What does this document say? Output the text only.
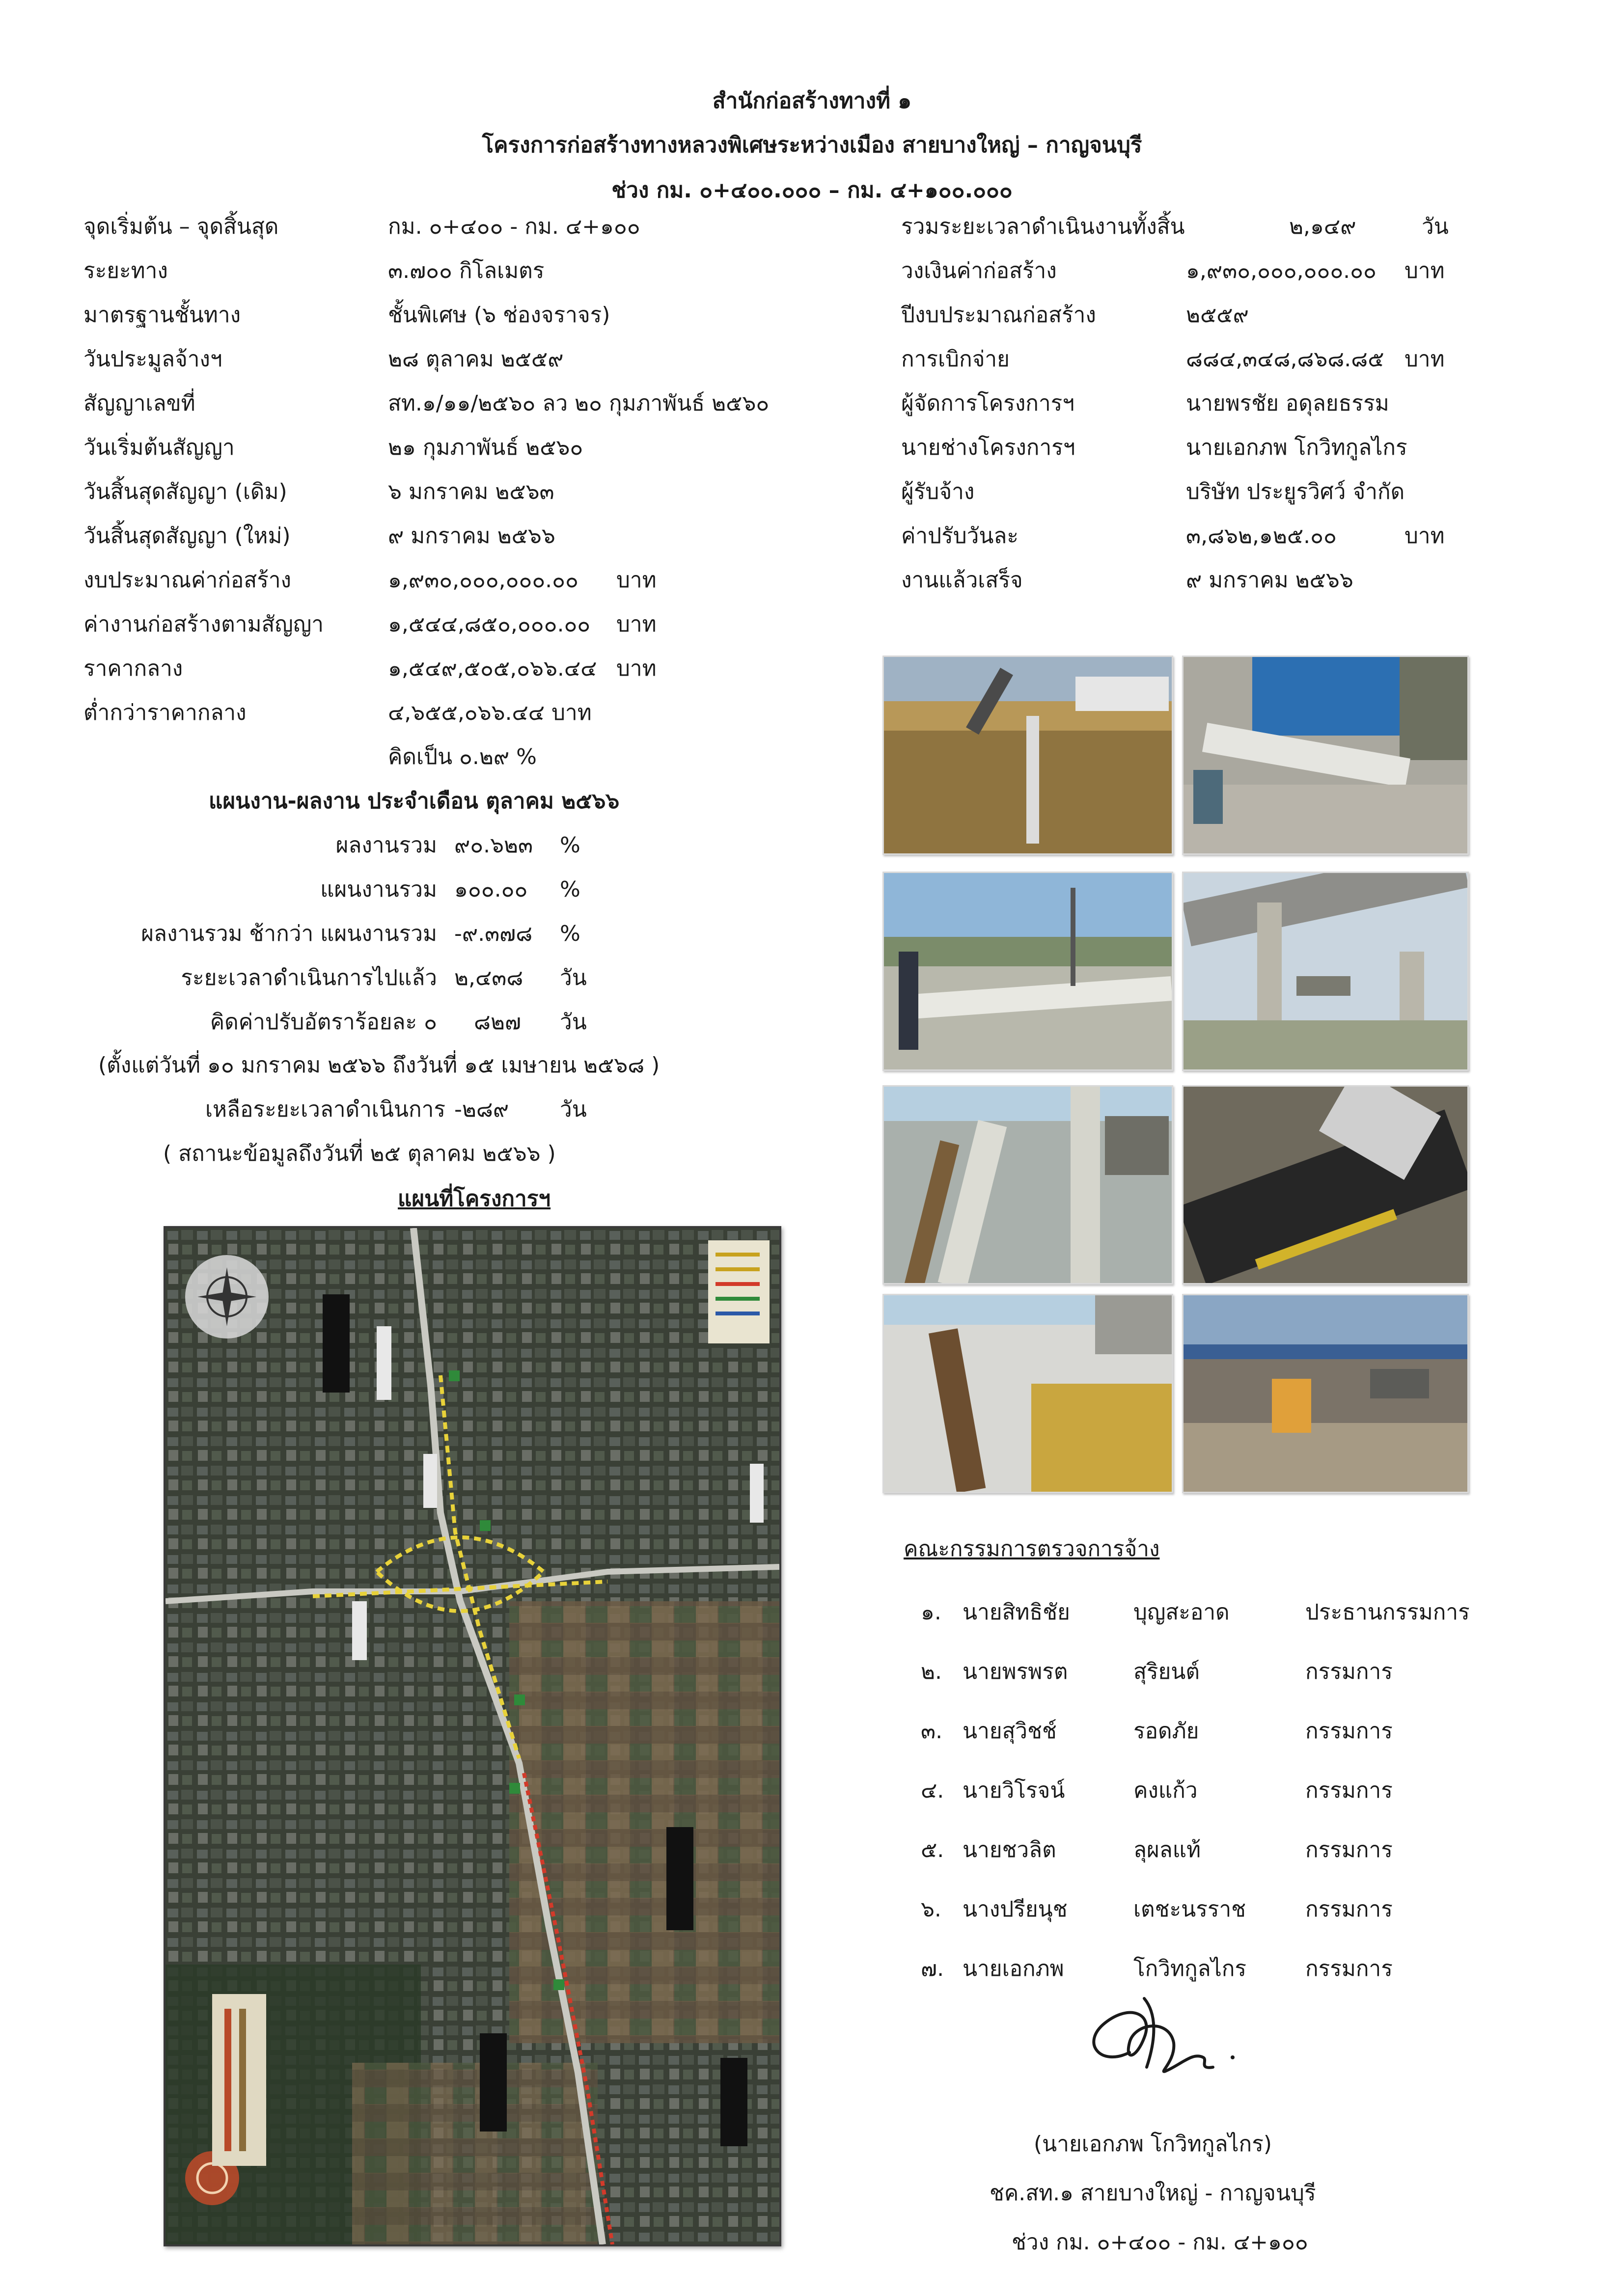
สำนักก่อสร้างทางที่ ๑
โครงการก่อสร้างทางหลวงพิเศษระหว่างเมือง สายบางใหญ่ – กาญจนบุรี
ช่วง กม. ๐+๔๐๐.๐๐๐ – กม. ๔+๑๐๐.๐๐๐
จุดเริ่มต้น – จุดสิ้นสุด	กม. ๐+๔๐๐ - กม. ๔+๑๐๐
ระยะทาง	๓.๗๐๐ กิโลเมตร
มาตรฐานชั้นทาง	ชั้นพิเศษ (๖ ช่องจราจร)
วันประมูลจ้างฯ	๒๘ ตุลาคม ๒๕๕๙
สัญญาเลขที่	สท.๑/๑๑/๒๕๖๐ ลว ๒๐ กุมภาพันธ์ ๒๕๖๐
วันเริ่มต้นสัญญา	๒๑ กุมภาพันธ์ ๒๕๖๐
วันสิ้นสุดสัญญา (เดิม)	๖ มกราคม ๒๕๖๓
วันสิ้นสุดสัญญา (ใหม่)	๙ มกราคม ๒๕๖๖
งบประมาณค่าก่อสร้าง	๑,๙๓๐,๐๐๐,๐๐๐.๐๐ บาท
ค่างานก่อสร้างตามสัญญา	๑,๕๔๔,๘๕๐,๐๐๐.๐๐ บาท
ราคากลาง	๑,๕๔๙,๕๐๕,๐๖๖.๔๔ บาท
ต่ำกว่าราคากลาง	๔,๖๕๕,๐๖๖.๔๔ บาท
คิดเป็น ๐.๒๙ %
รวมระยะเวลาดำเนินงานทั้งสิ้น	๒,๑๔๙	วัน
วงเงินค่าก่อสร้าง	๑,๙๓๐,๐๐๐,๐๐๐.๐๐ บาท
ปีงบประมาณก่อสร้าง	๒๕๕๙
การเบิกจ่าย	๘๘๔,๓๔๘,๘๖๘.๘๕ บาท
ผู้จัดการโครงการฯ	นายพรชัย อดุลยธรรม
นายช่างโครงการฯ	นายเอกภพ โกวิทกูลไกร
ผู้รับจ้าง	บริษัท ประยูรวิศว์ จำกัด
ค่าปรับวันละ	๓,๘๖๒,๑๒๕.๐๐	บาท
งานแล้วเสร็จ	๙ มกราคม ๒๕๖๖
แผนงาน-ผลงาน ประจำเดือน ตุลาคม ๒๕๖๖
ผลงานรวม ๙๐.๖๒๓ %
แผนงานรวม ๑๐๐.๐๐ %
ผลงานรวม ช้ากว่า แผนงานรวม -๙.๓๗๘ %
ระยะเวลาดำเนินการไปแล้ว ๒,๔๓๘ วัน
คิดค่าปรับอัตราร้อยละ ๐ ๘๒๗ วัน
(ตั้งแต่วันที่ ๑๐ มกราคม ๒๕๖๖ ถึงวันที่ ๑๕ เมษายน ๒๕๖๘ )
เหลือระยะเวลาดำเนินการ -๒๘๙ วัน
( สถานะข้อมูลถึงวันที่ ๒๕ ตุลาคม ๒๕๖๖ )
แผนที่โครงการฯ
คณะกรรมการตรวจการจ้าง
๑. นายสิทธิชัย	บุญสะอาด	ประธานกรรมการ
๒. นายพรพรต	สุริยนต์	กรรมการ
๓. นายสุวิชช์	รอดภัย	กรรมการ
๔. นายวิโรจน์	คงแก้ว	กรรมการ
๕. นายชวลิต	ลุผลแท้	กรรมการ
๖. นางปรียนุช	เตชะนรราช	กรรมการ
๗. นายเอกภพ	โกวิทกูลไกร	กรรมการ
(นายเอกภพ โกวิทกูลไกร)
ชค.สท.๑ สายบางใหญ่ - กาญจนบุรี
ช่วง กม. ๐+๔๐๐ - กม. ๔+๑๐๐
